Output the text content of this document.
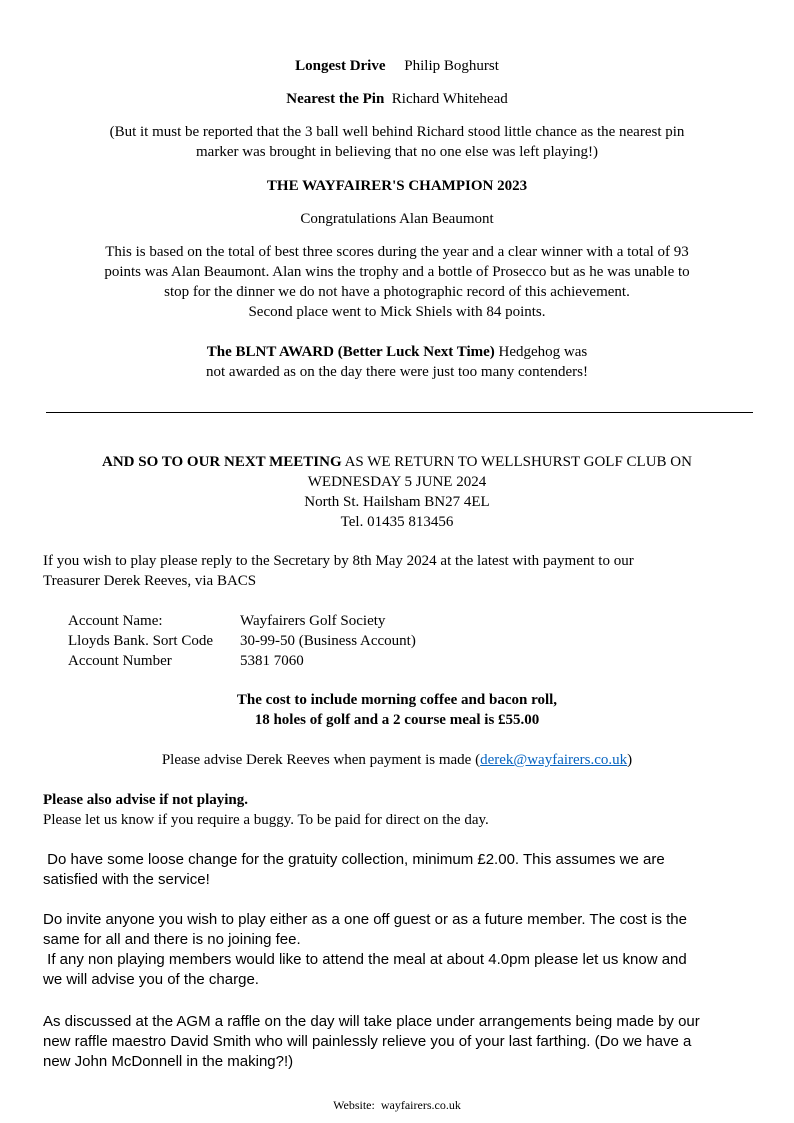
Longest Drive Philip Boghurst
Nearest the Pin Richard Whitehead
(But it must be reported that the 3 ball well behind Richard stood little chance as the nearest pin
marker was brought in believing that no one else was left playing!)
THE WAYFAIRER'S CHAMPION 2023
Congratulations Alan Beaumont
This is based on the total of best three scores during the year and a clear winner with a total of 93
points was Alan Beaumont. Alan wins the trophy and a bottle of Prosecco but as he was unable to
stop for the dinner we do not have a photographic record of this achievement.
Second place went to Mick Shiels with 84 points.
The BLNT AWARD (Better Luck Next Time) Hedgehog was
not awarded as on the day there were just too many contenders!
AND SO TO OUR NEXT MEETING AS WE RETURN TO WELLSHURST GOLF CLUB ON
WEDNESDAY 5 JUNE 2024
North St. Hailsham BN27 4EL
Tel. 01435 813456
If you wish to play please reply to the Secretary by 8th May 2024 at the latest with payment to our
Treasurer Derek Reeves, via BACS
Account Name:	Wayfairers Golf Society
Lloyds Bank. Sort Code 30-99-50 (Business Account)
Account Number	5381 7060
The cost to include morning coffee and bacon roll,
18 holes of golf and a 2 course meal is £55.00
Please advise Derek Reeves when payment is made (derek@wayfairers.co.uk)
Please also advise if not playing.
Please let us know if you require a buggy. To be paid for direct on the day.
Do have some loose change for the gratuity collection, minimum £2.00. This assumes we are
satisfied with the service!
Do invite anyone you wish to play either as a one off guest or as a future member. The cost is the
same for all and there is no joining fee.
If any non playing members would like to attend the meal at about 4.0pm please let us know and
we will advise you of the charge.
As discussed at the AGM a raffle on the day will take place under arrangements being made by our
new raffle maestro David Smith who will painlessly relieve you of your last farthing. (Do we have a
new John McDonnell in the making?!)
Website: wayfairers.co.uk
